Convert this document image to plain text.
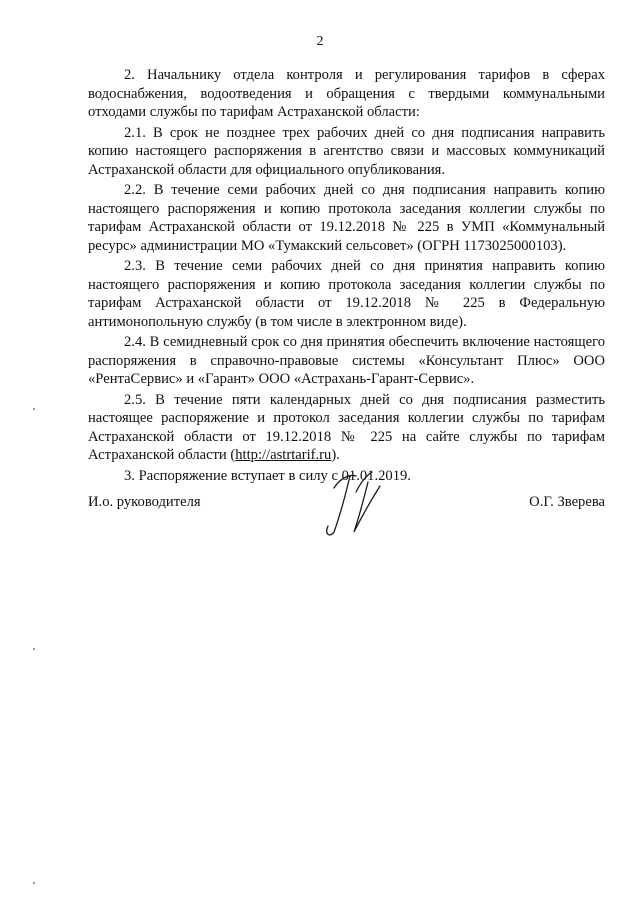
2

2. Начальнику отдела контроля и регулирования тарифов в сферах водоснабжения, водоотведения и обращения с твердыми коммунальными отходами службы по тарифам Астраханской области:

2.1. В срок не позднее трех рабочих дней со дня подписания направить копию настоящего распоряжения в агентство связи и массовых коммуникаций Астраханской области для официального опубликования.

2.2. В течение семи рабочих дней со дня подписания направить копию настоящего распоряжения и копию протокола заседания коллегии службы по тарифам Астраханской области от 19.12.2018 № 225 в УМП «Коммунальный ресурс» администрации МО «Тумакский сельсовет» (ОГРН 1173025000103).

2.3. В течение семи рабочих дней со дня принятия направить копию настоящего распоряжения и копию протокола заседания коллегии службы по тарифам Астраханской области от 19.12.2018 № 225 в Федеральную антимонопольную службу (в том числе в электронном виде).

2.4. В семидневный срок со дня принятия обеспечить включение настоящего распоряжения в справочно-правовые системы «Консультант Плюс» ООО «РентаСервис» и «Гарант» ООО «Астрахань-Гарант-Сервис».

2.5. В течение пяти календарных дней со дня подписания разместить настоящее распоряжение и протокол заседания коллегии службы по тарифам Астраханской области от 19.12.2018 № 225 на сайте службы по тарифам Астраханской области (http://astrtarif.ru).

3. Распоряжение вступает в силу с 01.01.2019.

И.о. руководителя	О.Г. Зверева
